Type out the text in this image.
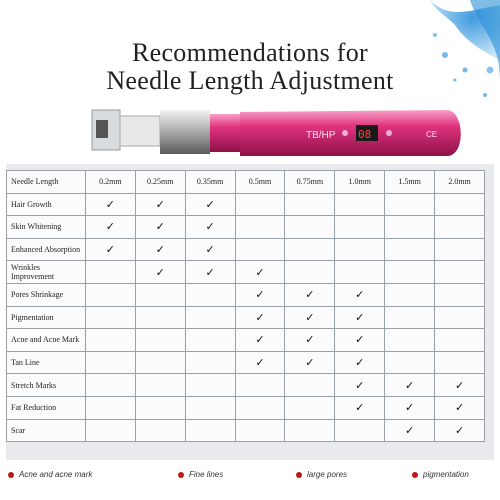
Recommendations for
Needle Length Adjustment
TB/HP 08	CE
Needle Length	0.2mm	0.25mm	0.35mm	0.5mm	0.75mm	1.0mm	1.5mm	2.0mm
Hair Growth	✓	✓	✓					
Skin Whitening	✓	✓	✓					
Enhanced Absorption	✓	✓	✓					
Wrinkles Improvement		✓	✓	✓				
Pores Shrinkage				✓	✓	✓		
Pigmentation				✓	✓	✓		
Acne and Acne Mark				✓	✓	✓		
Tan Line				✓	✓	✓		
Stretch Marks						✓	✓	✓
Fat Reduction						✓	✓	✓
Scar							✓	✓
Acne and acne mark	Fine lines	large pores	pigmentation
